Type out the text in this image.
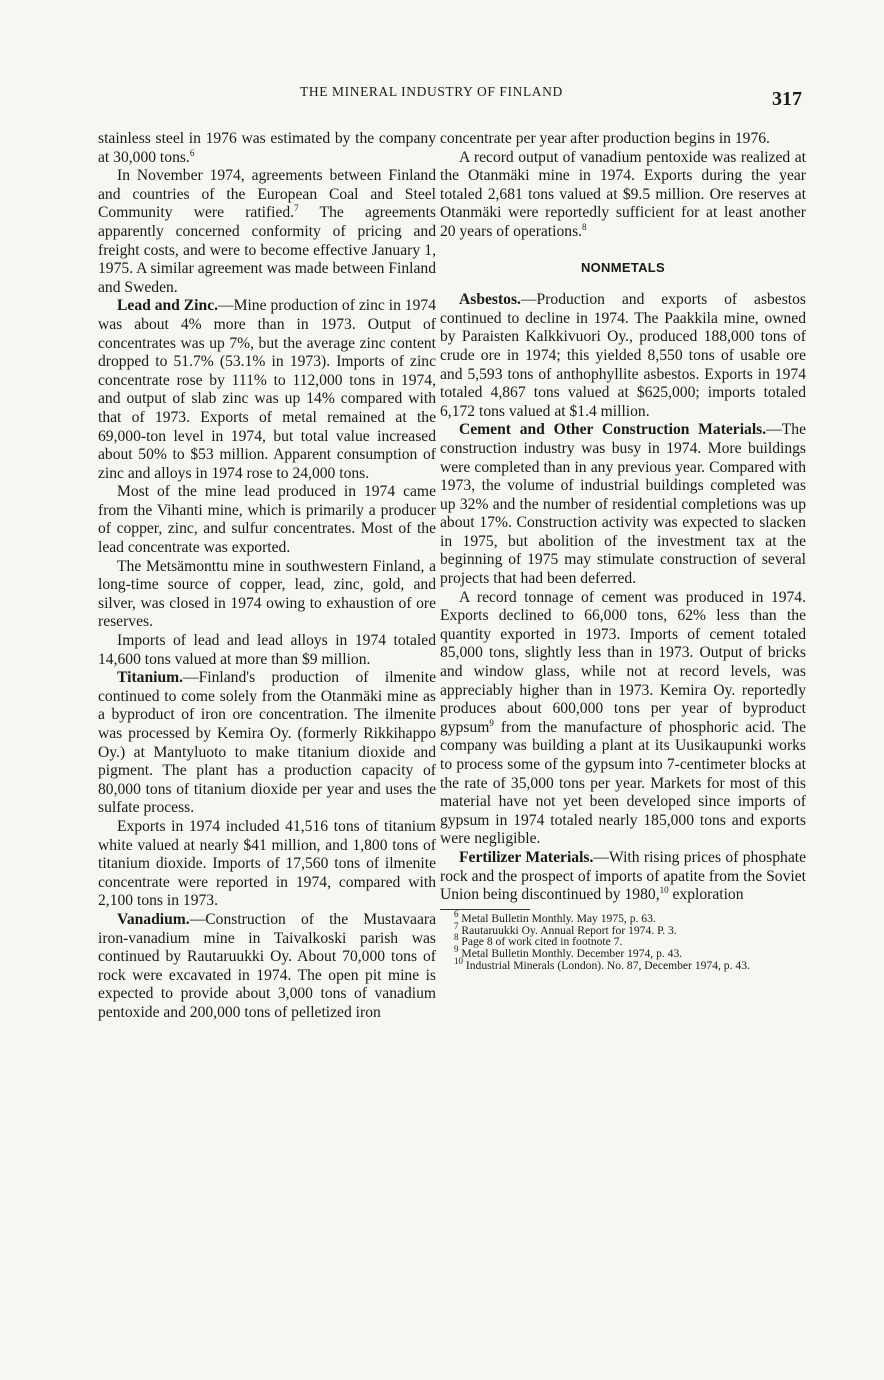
THE MINERAL INDUSTRY OF FINLAND	317

stainless steel in 1976 was estimated by the company at 30,000 tons.$^6$

In November 1974, agreements between Finland and countries of the European Coal and Steel Community were ratified.$^7$ The agreements apparently concerned conformity of pricing and freight costs, and were to become effective January 1, 1975. A similar agreement was made between Finland and Sweden.

Lead and Zinc.—Mine production of zinc in 1974 was about 4% more than in 1973. Output of concentrates was up 7%, but the average zinc content dropped to 51.7% (53.1% in 1973). Imports of zinc concentrate rose by 111% to 112,000 tons in 1974, and output of slab zinc was up 14% compared with that of 1973. Exports of metal remained at the 69,000-ton level in 1974, but total value increased about 50% to $53 million. Apparent consumption of zinc and alloys in 1974 rose to 24,000 tons.

Most of the mine lead produced in 1974 came from the Vihanti mine, which is primarily a producer of copper, zinc, and sulfur concentrates. Most of the lead concentrate was exported.

The Metsämonttu mine in southwestern Finland, a long-time source of copper, lead, zinc, gold, and silver, was closed in 1974 owing to exhaustion of ore reserves.

Imports of lead and lead alloys in 1974 totaled 14,600 tons valued at more than $9 million.

Titanium.—Finland's production of ilmenite continued to come solely from the Otanmäki mine as a byproduct of iron ore concentration. The ilmenite was processed by Kemira Oy. (formerly Rikkihappo Oy.) at Mantyluoto to make titanium dioxide and pigment. The plant has a production capacity of 80,000 tons of titanium dioxide per year and uses the sulfate process.

Exports in 1974 included 41,516 tons of titanium white valued at nearly $41 million, and 1,800 tons of titanium dioxide. Imports of 17,560 tons of ilmenite concentrate were reported in 1974, compared with 2,100 tons in 1973.

Vanadium.—Construction of the Mustavaara iron-vanadium mine in Taivalkoski parish was continued by Rautaruukki Oy. About 70,000 tons of rock were excavated in 1974. The open pit mine is expected to provide about 3,000 tons of vanadium pentoxide and 200,000 tons of pelletized iron

concentrate per year after production begins in 1976.

A record output of vanadium pentoxide was realized at the Otanmäki mine in 1974. Exports during the year totaled 2,681 tons valued at $9.5 million. Ore reserves at Otanmäki were reportedly sufficient for at least another 20 years of operations.$^8$

NONMETALS

Asbestos.—Production and exports of asbestos continued to decline in 1974. The Paakkila mine, owned by Paraisten Kalkkivuori Oy., produced 188,000 tons of crude ore in 1974; this yielded 8,550 tons of usable ore and 5,593 tons of anthophyllite asbestos. Exports in 1974 totaled 4,867 tons valued at $625,000; imports totaled 6,172 tons valued at $1.4 million.

Cement and Other Construction Materials.—The construction industry was busy in 1974. More buildings were completed than in any previous year. Compared with 1973, the volume of industrial buildings completed was up 32% and the number of residential completions was up about 17%. Construction activity was expected to slacken in 1975, but abolition of the investment tax at the beginning of 1975 may stimulate construction of several projects that had been deferred.

A record tonnage of cement was produced in 1974. Exports declined to 66,000 tons, 62% less than the quantity exported in 1973. Imports of cement totaled 85,000 tons, slightly less than in 1973. Output of bricks and window glass, while not at record levels, was appreciably higher than in 1973. Kemira Oy. reportedly produces about 600,000 tons per year of byproduct gypsum$^9$ from the manufacture of phosphoric acid. The company was building a plant at its Uusikaupunki works to process some of the gypsum into 7-centimeter blocks at the rate of 35,000 tons per year. Markets for most of this material have not yet been developed since imports of gypsum in 1974 totaled nearly 185,000 tons and exports were negligible.

Fertilizer Materials.—With rising prices of phosphate rock and the prospect of imports of apatite from the Soviet Union being discontinued by 1980,10 exploration

$^6$ Metal Bulletin Monthly. May 1975, p. 63.

$^7$ Rautaruukki Oy. Annual Report for 1974. P. 3.

$^8$ Page 8 of work cited in footnote 7.

$^9$ Metal Bulletin Monthly. December 1974, p. 43.

$^{10}$ Industrial Minerals (London). No. 87, December 1974, p. 43.
